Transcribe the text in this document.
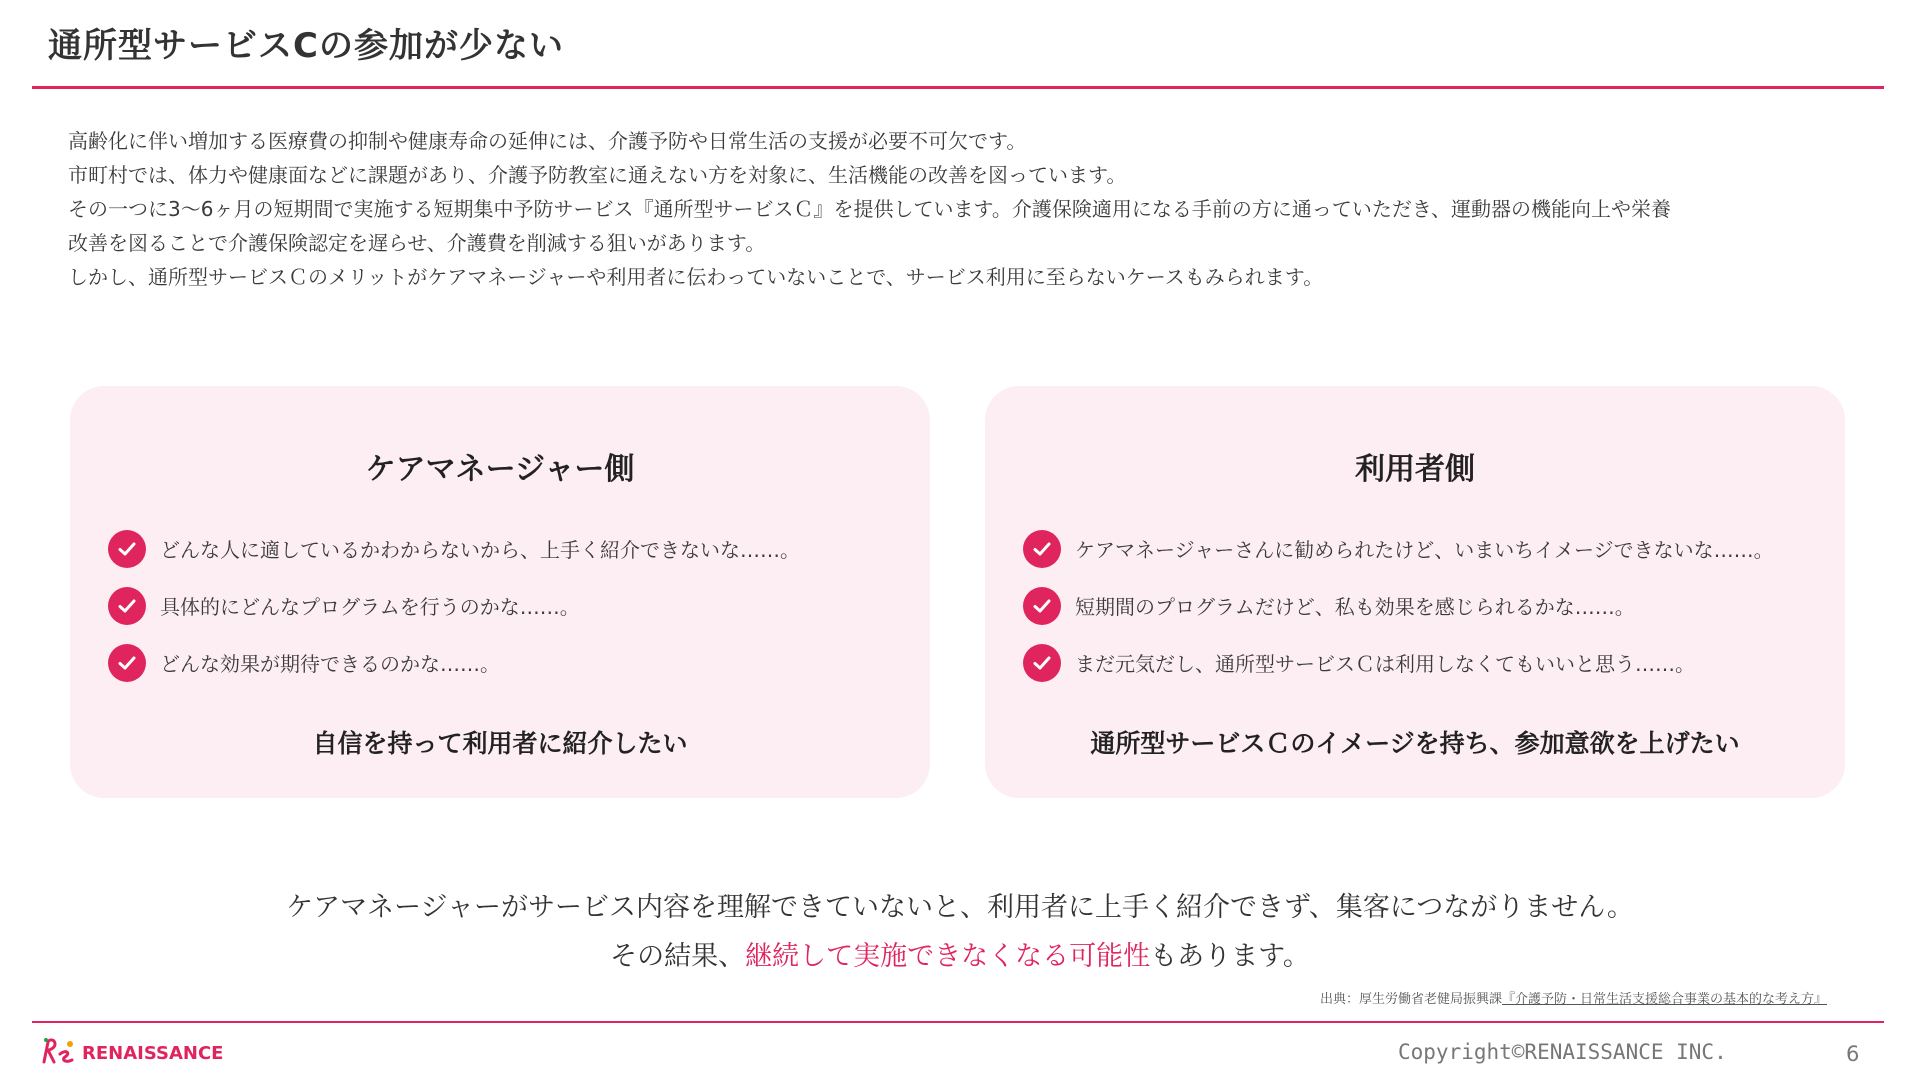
通所型サービスCの参加が少ない

高齢化に伴い増加する医療費の抑制や健康寿命の延伸には、介護予防や日常生活の支援が必要不可欠です。

市町村では、体力や健康面などに課題があり、介護予防教室に通えない方を対象に、生活機能の改善を図っています。

その一つに3〜6ヶ月の短期間で実施する短期集中予防サービス『通所型サービスＣ』を提供しています。介護保険適用になる手前の方に通っていただき、運動器の機能向上や栄養

改善を図ることで介護保険認定を遅らせ、介護費を削減する狙いがあります。

しかし、通所型サービスＣのメリットがケアマネージャーや利用者に伝わっていないことで、サービス利用に至らないケースもみられます。

ケアマネージャー側
どんな人に適しているかわからないから、上手く紹介できないな……。
具体的にどんなプログラムを行うのかな……。
どんな効果が期待できるのかな……。
自信を持って利用者に紹介したい
利用者側
ケアマネージャーさんに勧められたけど、いまいちイメージできないな……。
短期間のプログラムだけど、私も効果を感じられるかな……。
まだ元気だし、通所型サービスＣは利用しなくてもいいと思う……。
通所型サービスＣのイメージを持ち、参加意欲を上げたい
ケアマネージャーがサービス内容を理解できていないと、利用者に上手く紹介できず、集客につながりません。
その結果、継続して実施できなくなる可能性もあります。
出典：厚生労働省老健局振興課『介護予防・日常生活支援総合事業の基本的な考え方』
RENAISSANCE	Copyright©RENAISSANCE INC.	6
